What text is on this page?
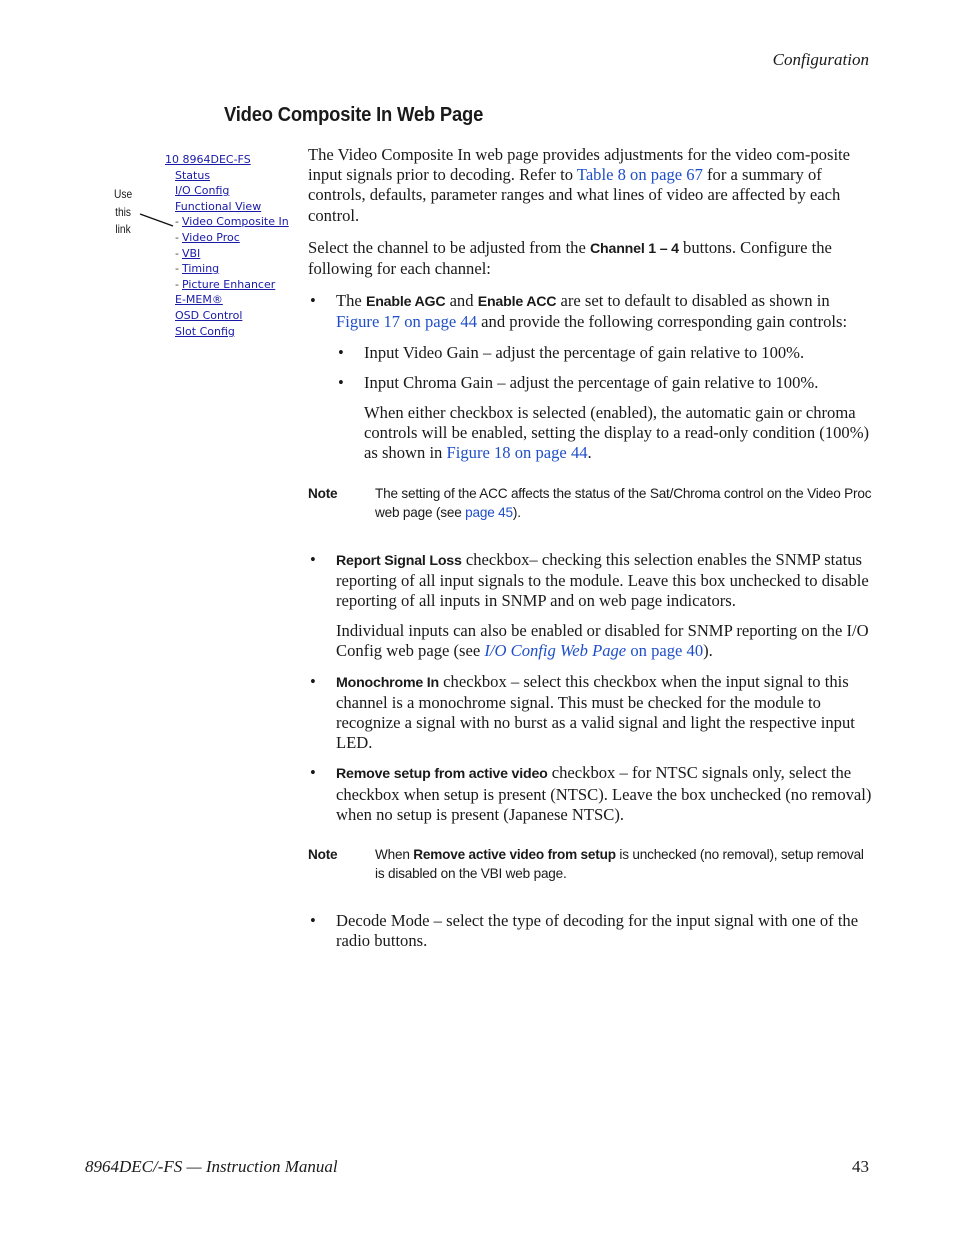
Configuration
Video Composite In Web Page
10 8964DEC-FS
Status
I/O Config
Functional View
- Video Composite In
- Video Proc
- VBI
- Timing
- Picture Enhancer
E-MEM®
OSD Control
Slot Config
Use
this
link

The Video Composite In web page provides adjustments for the video com-posite input signals prior to decoding. Refer to Table 8 on page 67 for a summary of controls, defaults, parameter ranges and what lines of video are affected by each control.

Select the channel to be adjusted from the Channel 1 – 4 buttons. Configure the following for each channel:

• The Enable AGC and Enable ACC are set to default to disabled as shown in Figure 17 on page 44 and provide the following corresponding gain controls:
• Input Video Gain – adjust the percentage of gain relative to 100%.
• Input Chroma Gain – adjust the percentage of gain relative to 100%.

When either checkbox is selected (enabled), the automatic gain or chroma controls will be enabled, setting the display to a read-only condition (100%) as shown in Figure 18 on page 44.

Note	The setting of the ACC affects the status of the Sat/Chroma control on the Video Proc web page (see page 45).
• Report Signal Loss checkbox– checking this selection enables the SNMP status reporting of all input signals to the module. Leave this box unchecked to disable reporting of all inputs in SNMP and on web page indicators.

Individual inputs can also be enabled or disabled for SNMP reporting on the I/O Config web page (see I/O Config Web Page on page 40).

• Monochrome In checkbox – select this checkbox when the input signal to this channel is a monochrome signal. This must be checked for the module to recognize a signal with no burst as a valid signal and light the respective input LED.
• Remove setup from active video checkbox – for NTSC signals only, select the checkbox when setup is present (NTSC). Leave the box unchecked (no removal) when no setup is present (Japanese NTSC).
Note	When Remove active video from setup is unchecked (no removal), setup removal is disabled on the VBI web page.
• Decode Mode – select the type of decoding for the input signal with one of the radio buttons.
8964DEC/-FS — Instruction Manual	43
